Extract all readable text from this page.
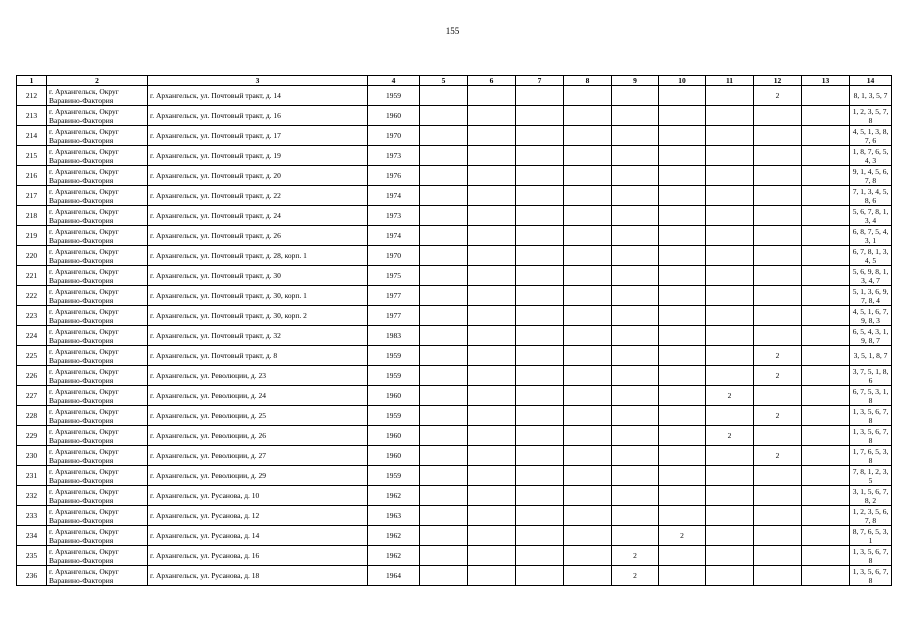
155
1	2	3	4	5	6	7	8	9	10	11	12	13	14
212	г. Архангельск, Округ Варавино-Фактория	г. Архангельск, ул. Почтовый тракт, д. 14	1959								2		8, 1, 3, 5, 7
213	г. Архангельск, Округ Варавино-Фактория	г. Архангельск, ул. Почтовый тракт, д. 16	1960										1, 2, 3, 5, 7, 8
214	г. Архангельск, Округ Варавино-Фактория	г. Архангельск, ул. Почтовый тракт, д. 17	1970										4, 5, 1, 3, 8, 7, 6
215	г. Архангельск, Округ Варавино-Фактория	г. Архангельск, ул. Почтовый тракт, д. 19	1973										1, 8, 7, 6, 5, 4, 3
216	г. Архангельск, Округ Варавино-Фактория	г. Архангельск, ул. Почтовый тракт, д. 20	1976										9, 1, 4, 5, 6, 7, 8
217	г. Архангельск, Округ Варавино-Фактория	г. Архангельск, ул. Почтовый тракт, д. 22	1974										7, 1, 3, 4, 5, 8, 6
218	г. Архангельск, Округ Варавино-Фактория	г. Архангельск, ул. Почтовый тракт, д. 24	1973										5, 6, 7, 8, 1, 3, 4
219	г. Архангельск, Округ Варавино-Фактория	г. Архангельск, ул. Почтовый тракт, д. 26	1974										6, 8, 7, 5, 4, 3, 1
220	г. Архангельск, Округ Варавино-Фактория	г. Архангельск, ул. Почтовый тракт, д. 28, корп. 1	1970										6, 7, 8, 1, 3, 4, 5
221	г. Архангельск, Округ Варавино-Фактория	г. Архангельск, ул. Почтовый тракт, д. 30	1975										5, 6, 9, 8, 1, 3, 4, 7
222	г. Архангельск, Округ Варавино-Фактория	г. Архангельск, ул. Почтовый тракт, д. 30, корп. 1	1977										5, 1, 3, 6, 9, 7, 8, 4
223	г. Архангельск, Округ Варавино-Фактория	г. Архангельск, ул. Почтовый тракт, д. 30, корп. 2	1977										4, 5, 1, 6, 7, 9, 8, 3
224	г. Архангельск, Округ Варавино-Фактория	г. Архангельск, ул. Почтовый тракт, д. 32	1983										6, 5, 4, 3, 1, 9, 8, 7
225	г. Архангельск, Округ Варавино-Фактория	г. Архангельск, ул. Почтовый тракт, д. 8	1959								2		3, 5, 1, 8, 7
226	г. Архангельск, Округ Варавино-Фактория	г. Архангельск, ул. Революции, д. 23	1959								2		3, 7, 5, 1, 8, 6
227	г. Архангельск, Округ Варавино-Фактория	г. Архангельск, ул. Революции, д. 24	1960							2			6, 7, 5, 3, 1, 8
228	г. Архангельск, Округ Варавино-Фактория	г. Архангельск, ул. Революции, д. 25	1959								2		1, 3, 5, 6, 7, 8
229	г. Архангельск, Округ Варавино-Фактория	г. Архангельск, ул. Революции, д. 26	1960							2			1, 3, 5, 6, 7, 8
230	г. Архангельск, Округ Варавино-Фактория	г. Архангельск, ул. Революции, д. 27	1960								2		1, 7, 6, 5, 3, 8
231	г. Архангельск, Округ Варавино-Фактория	г. Архангельск, ул. Революции, д. 29	1959										7, 8, 1, 2, 3, 5
232	г. Архангельск, Округ Варавино-Фактория	г. Архангельск, ул. Русанова, д. 10	1962										3, 1, 5, 6, 7, 8, 2
233	г. Архангельск, Округ Варавино-Фактория	г. Архангельск, ул. Русанова, д. 12	1963										1, 2, 3, 5, 6, 7, 8
234	г. Архангельск, Округ Варавино-Фактория	г. Архангельск, ул. Русанова, д. 14	1962						2				8, 7, 6, 5, 3, 1
235	г. Архангельск, Округ Варавино-Фактория	г. Архангельск, ул. Русанова, д. 16	1962					2					1, 3, 5, 6, 7, 8
236	г. Архангельск, Округ Варавино-Фактория	г. Архангельск, ул. Русанова, д. 18	1964					2					1, 3, 5, 6, 7, 8
